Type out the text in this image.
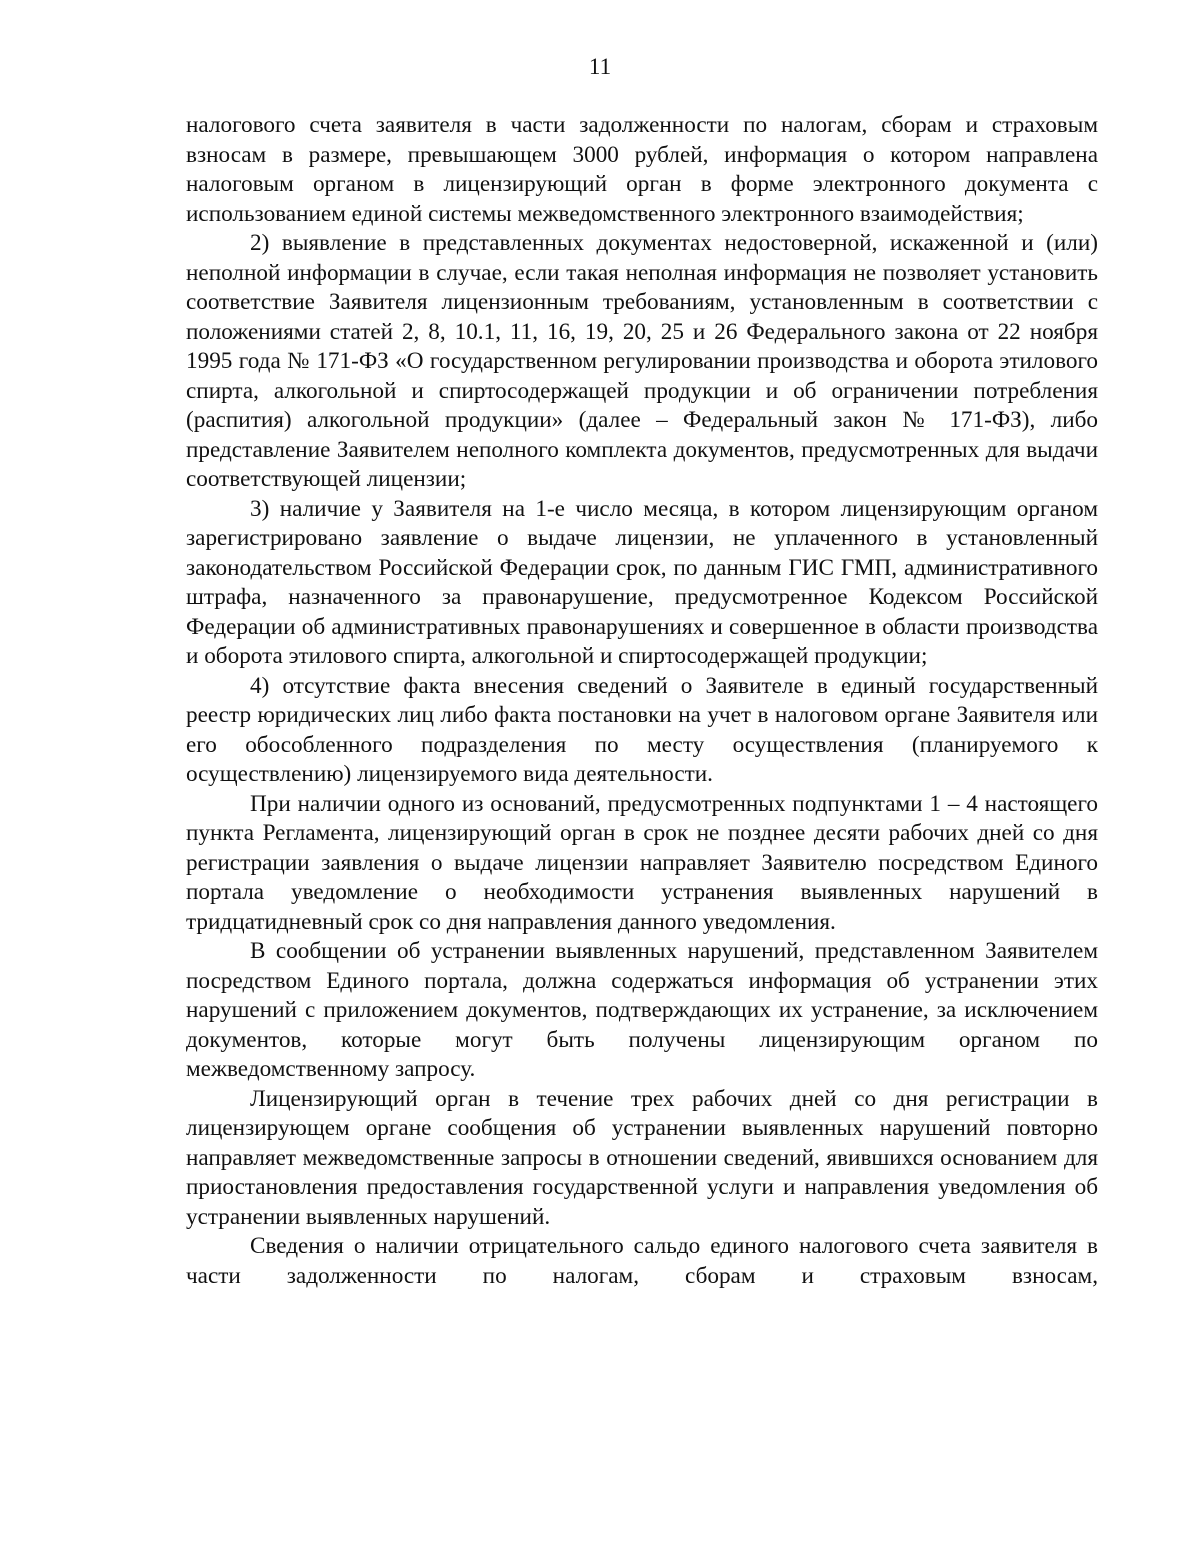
11

налогового счета заявителя в части задолженности по налогам, сборам и страховым взносам в размере, превышающем 3000 рублей, информация о котором направлена налоговым органом в лицензирующий орган в форме электронного документа с использованием единой системы межведомственного электронного взаимодействия;

2) выявление в представленных документах недостоверной, искаженной и (или) неполной информации в случае, если такая неполная информация не позволяет установить соответствие Заявителя лицензионным требованиям, установленным в соответствии с положениями статей 2, 8, 10.1, 11, 16, 19, 20, 25 и 26 Федерального закона от 22 ноября 1995 года № 171-ФЗ «О государственном регулировании производства и оборота этилового спирта, алкогольной и спиртосодержащей продукции и об ограничении потребления (распития) алкогольной продукции» (далее – Федеральный закон № 171-ФЗ), либо представление Заявителем неполного комплекта документов, предусмотренных для выдачи соответствующей лицензии;

3) наличие у Заявителя на 1-е число месяца, в котором лицензирующим органом зарегистрировано заявление о выдаче лицензии, не уплаченного в установленный законодательством Российской Федерации срок, по данным ГИС ГМП, административного штрафа, назначенного за правонарушение, предусмотренное Кодексом Российской Федерации об административных правонарушениях и совершенное в области производства и оборота этилового спирта, алкогольной и спиртосодержащей продукции;

4) отсутствие факта внесения сведений о Заявителе в единый государственный реестр юридических лиц либо факта постановки на учет в налоговом органе Заявителя или его обособленного подразделения по месту осуществления (планируемого к осуществлению) лицензируемого вида деятельности.

При наличии одного из оснований, предусмотренных подпунктами 1 – 4 настоящего пункта Регламента, лицензирующий орган в срок не позднее десяти рабочих дней со дня регистрации заявления о выдаче лицензии направляет Заявителю посредством Единого портала уведомление о необходимости устранения выявленных нарушений в тридцатидневный срок со дня направления данного уведомления.

В сообщении об устранении выявленных нарушений, представленном Заявителем посредством Единого портала, должна содержаться информация об устранении этих нарушений с приложением документов, подтверждающих их устранение, за исключением документов, которые могут быть получены лицензирующим органом по межведомственному запросу.

Лицензирующий орган в течение трех рабочих дней со дня регистрации в лицензирующем органе сообщения об устранении выявленных нарушений повторно направляет межведомственные запросы в отношении сведений, явившихся основанием для приостановления предоставления государственной услуги и направления уведомления об устранении выявленных нарушений.

Сведения о наличии отрицательного сальдо единого налогового счета заявителя в части задолженности по налогам, сборам и страховым взносам,
